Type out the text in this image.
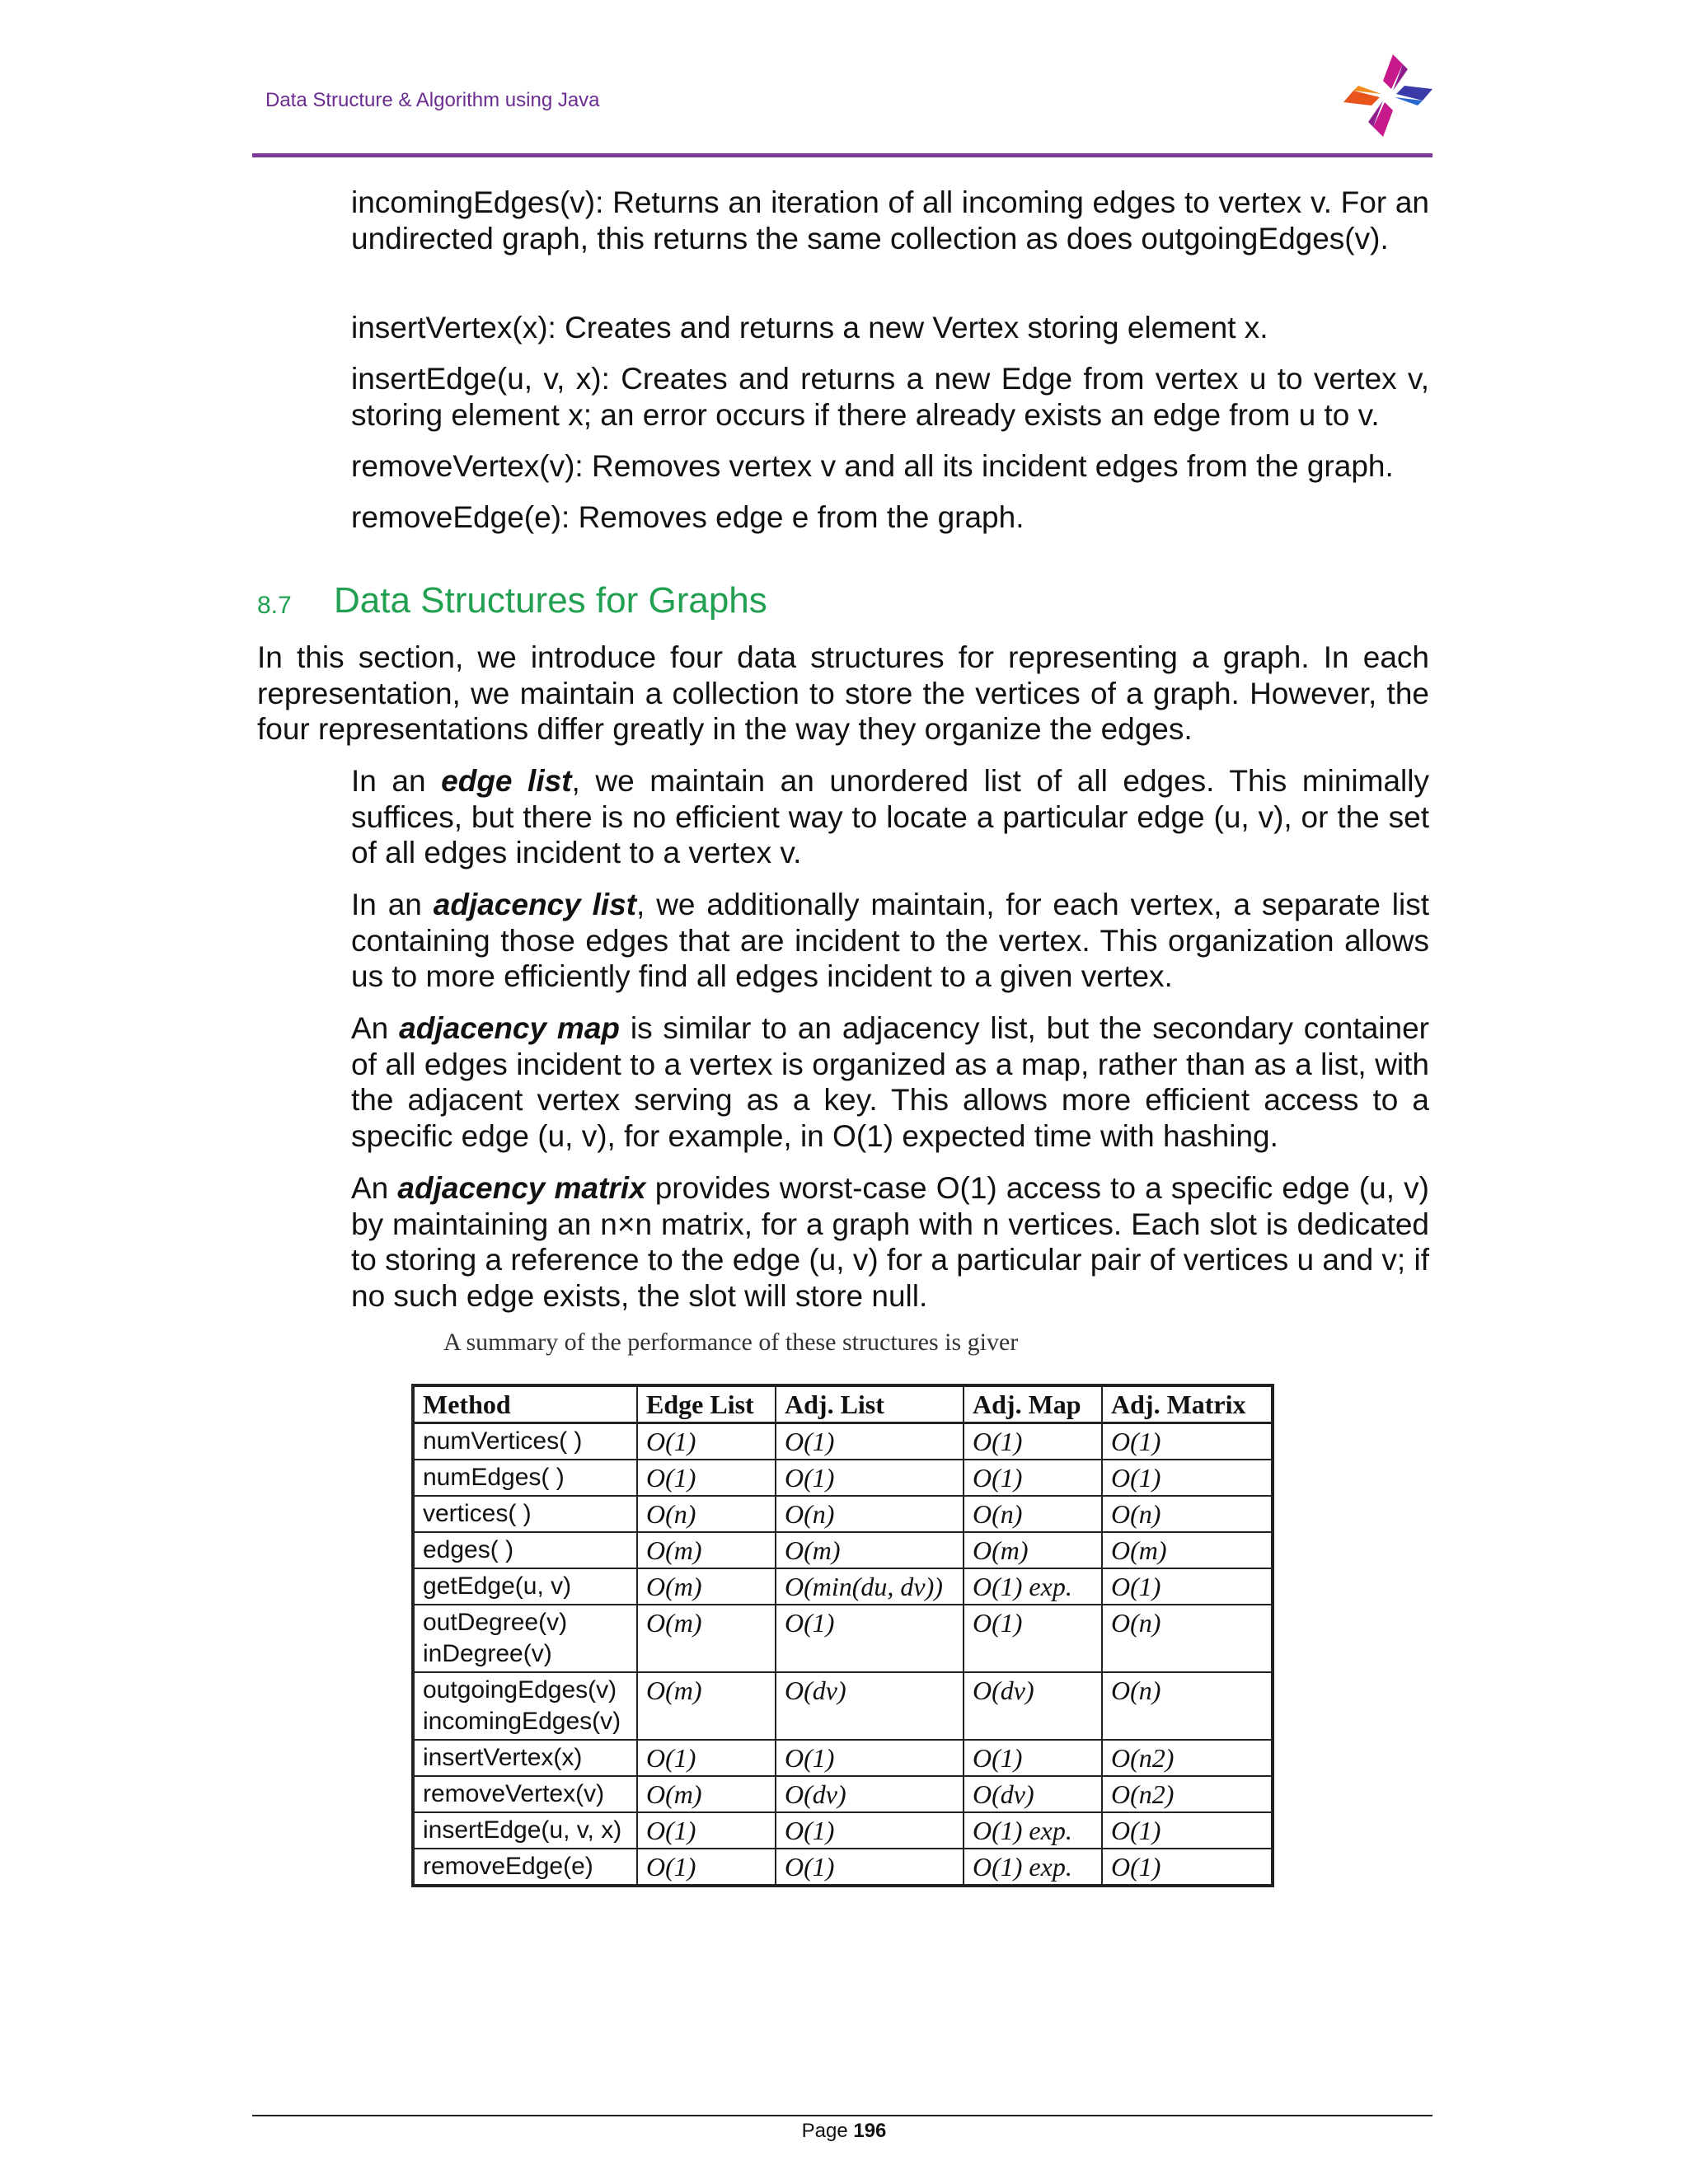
Data Structure & Algorithm using Java
incomingEdges(v): Returns an iteration of all incoming edges to vertex v. For an undirected graph, this returns the same collection as does outgoingEdges(v).
insertVertex(x): Creates and returns a new Vertex storing element x.
insertEdge(u, v, x): Creates and returns a new Edge from vertex u to vertex v, storing element x; an error occurs if there already exists an edge from u to v.
removeVertex(v): Removes vertex v and all its incident edges from the graph.
removeEdge(e): Removes edge e from the graph.
8.7 Data Structures for Graphs
In this section, we introduce four data structures for representing a graph. In each representation, we maintain a collection to store the vertices of a graph. However, the four representations differ greatly in the way they organize the edges.
In an edge list, we maintain an unordered list of all edges. This minimally suffices, but there is no efficient way to locate a particular edge (u, v), or the set of all edges incident to a vertex v.
In an adjacency list, we additionally maintain, for each vertex, a separate list containing those edges that are incident to the vertex. This organization allows us to more efficiently find all edges incident to a given vertex.
An adjacency map is similar to an adjacency list, but the secondary container of all edges incident to a vertex is organized as a map, rather than as a list, with the adjacent vertex serving as a key. This allows more efficient access to a specific edge (u, v), for example, in O(1) expected time with hashing.
An adjacency matrix provides worst-case O(1) access to a specific edge (u, v) by maintaining an n×n matrix, for a graph with n vertices. Each slot is dedicated to storing a reference to the edge (u, v) for a particular pair of vertices u and v; if no such edge exists, the slot will store null.
A summary of the performance of these structures is giver
Method	Edge List	Adj. List	Adj. Map	Adj. Matrix
numVertices( )	O(1)	O(1)	O(1)	O(1)
numEdges( )	O(1)	O(1)	O(1)	O(1)
vertices( )	O(n)	O(n)	O(n)	O(n)
edges( )	O(m)	O(m)	O(m)	O(m)
getEdge(u, v)	O(m)	O(min(du, dv))	O(1) exp.	O(1)
outDegree(v)
inDegree(v)	O(m)	O(1)	O(1)	O(n)
outgoingEdges(v)
incomingEdges(v)	O(m)	O(dv)	O(dv)	O(n)
insertVertex(x)	O(1)	O(1)	O(1)	O(n2)
removeVertex(v)	O(m)	O(dv)	O(dv)	O(n2)
insertEdge(u, v, x)	O(1)	O(1)	O(1) exp.	O(1)
removeEdge(e)	O(1)	O(1)	O(1) exp.	O(1)
Page 196
